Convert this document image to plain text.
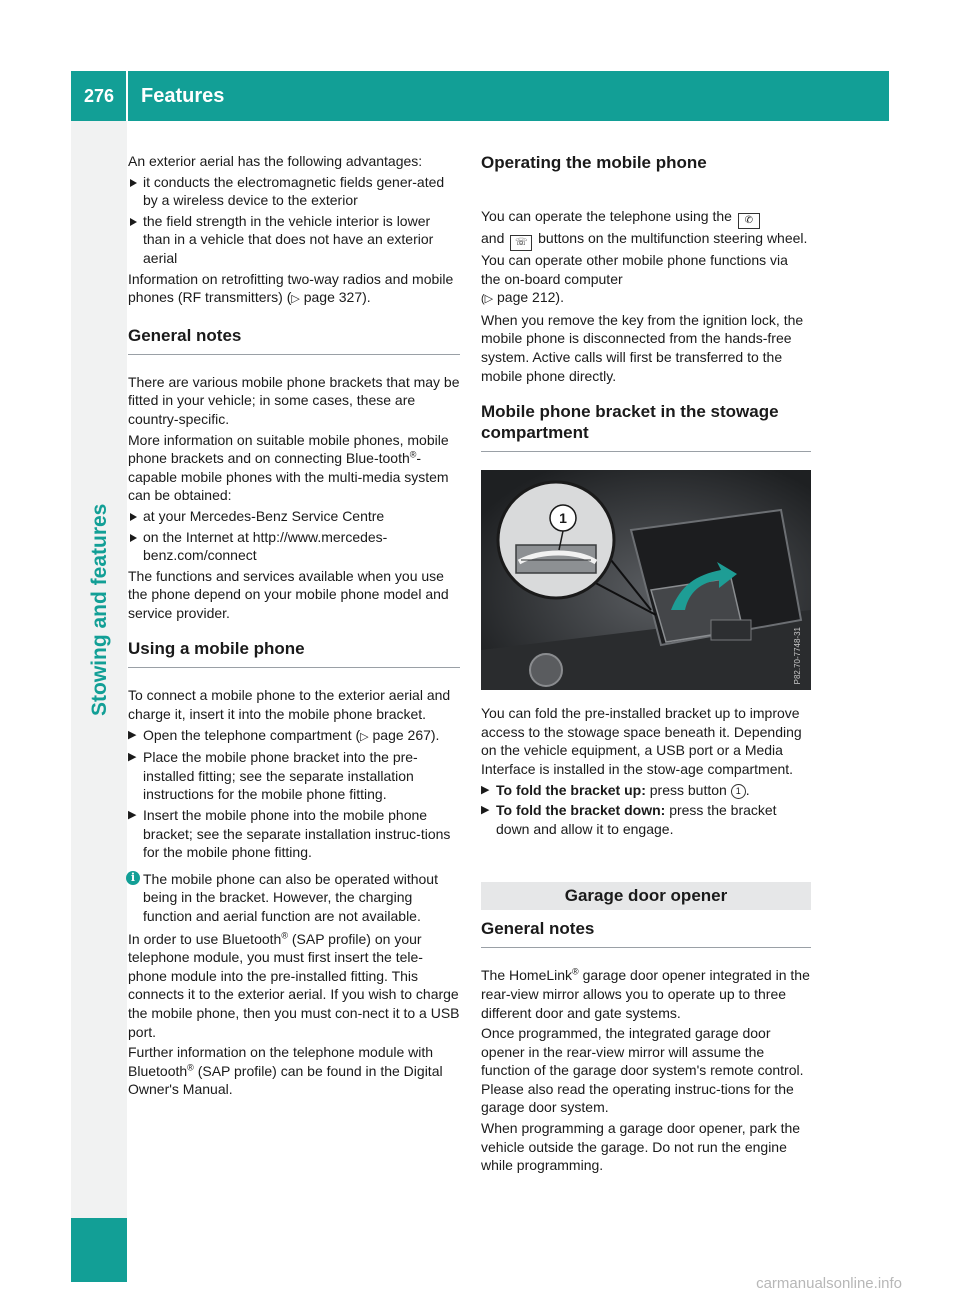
276	Features
Stowing and features

An exterior aerial has the following advantages:

it conducts the electromagnetic fields gener-ated by a wireless device to the exterior
the field strength in the vehicle interior is lower than in a vehicle that does not have an exterior aerial

Information on retrofitting two-way radios and mobile phones (RF transmitters) (▷ page 327).

General notes

There are various mobile phone brackets that may be fitted in your vehicle; in some cases, these are country-specific.

More information on suitable mobile phones, mobile phone brackets and on connecting Blue-tooth®-capable mobile phones with the multi-media system can be obtained:

at your Mercedes-Benz Service Centre
on the Internet at http://www.mercedes-benz.com/connect

The functions and services available when you use the phone depend on your mobile phone model and service provider.

Using a mobile phone

To connect a mobile phone to the exterior aerial and charge it, insert it into the mobile phone bracket.

▶ Open the telephone compartment (▷ page 267).
▶ Place the mobile phone bracket into the pre-installed fitting; see the separate installation instructions for the mobile phone fitting.
▶ Insert the mobile phone into the mobile phone bracket; see the separate installation instruc-tions for the mobile phone fitting.
i The mobile phone can also be operated without being in the bracket. However, the charging function and aerial function are not available.

In order to use Bluetooth® (SAP profile) on your telephone module, you must first insert the tele-phone module into the pre-installed fitting. This connects it to the exterior aerial. If you wish to charge the mobile phone, then you must con-nect it to a USB port.

Further information on the telephone module with Bluetooth® (SAP profile) can be found in the Digital Owner's Manual.

Operating the mobile phone

You can operate the telephone using the ✆
and ☏ buttons on the multifunction steering wheel. You can operate other mobile phone functions via the on-board computer
(▷ page 212).

When you remove the key from the ignition lock, the mobile phone is disconnected from the hands-free system. Active calls will first be transferred to the mobile phone directly.

Mobile phone bracket in the stowage compartment
1
P82.70-7748-31

You can fold the pre-installed bracket up to improve access to the stowage space beneath it. Depending on the vehicle equipment, a USB port or a Media Interface is installed in the stow-age compartment.

▶ To fold the bracket up: press button 1 .
▶ To fold the bracket down: press the bracket down and allow it to engage.
Garage door opener
General notes

The HomeLink® garage door opener integrated in the rear-view mirror allows you to operate up to three different door and gate systems.

Once programmed, the integrated garage door opener in the rear-view mirror will assume the function of the garage door system's remote control. Please also read the operating instruc-tions for the garage door system.

When programming a garage door opener, park the vehicle outside the garage. Do not run the engine while programming.

carmanualsonline.info
